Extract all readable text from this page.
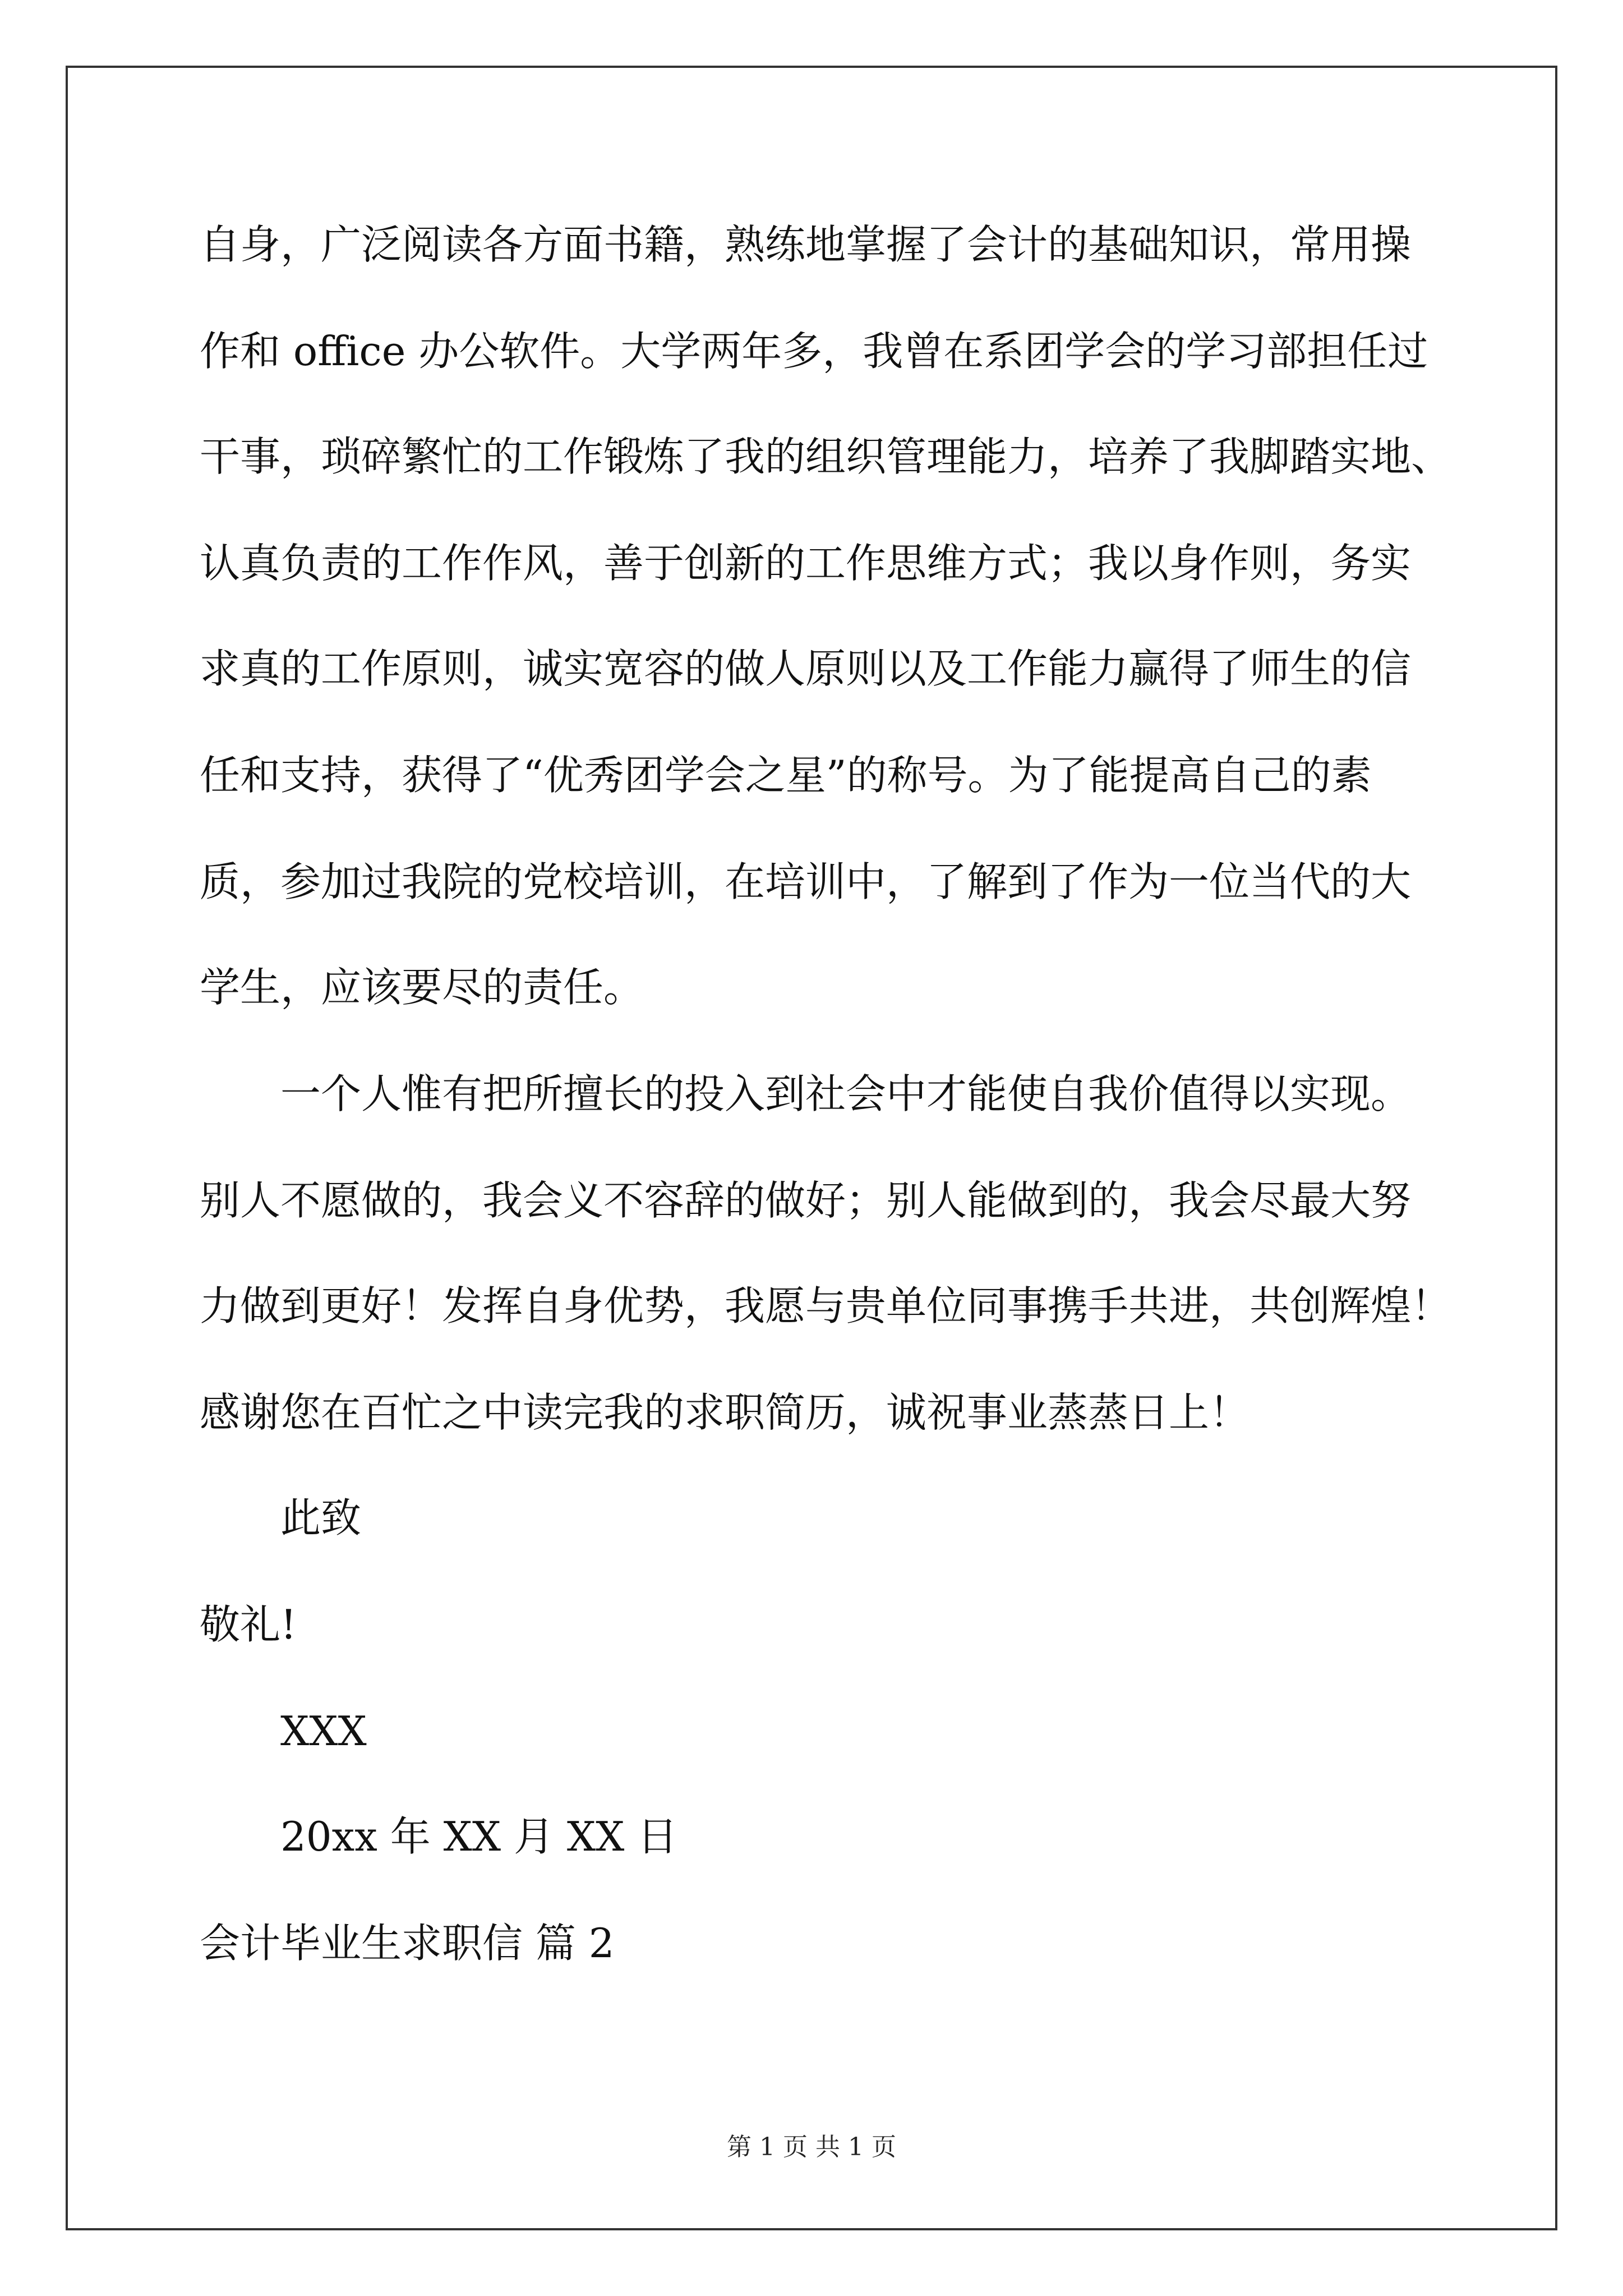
自身，广泛阅读各方面书籍，熟练地掌握了会计的基础知识，常用操
作和 office 办公软件。大学两年多，我曾在系团学会的学习部担任过
干事，琐碎繁忙的工作锻炼了我的组织管理能力，培养了我脚踏实地、
认真负责的工作作风，善于创新的工作思维方式；我以身作则，务实
求真的工作原则，诚实宽容的做人原则以及工作能力赢得了师生的信
任和支持，获得了“优秀团学会之星”的称号。为了能提高自己的素
质，参加过我院的党校培训，在培训中，了解到了作为一位当代的大
学生，应该要尽的责任。
一个人惟有把所擅长的投入到社会中才能使自我价值得以实现。
别人不愿做的，我会义不容辞的做好；别人能做到的，我会尽最大努
力做到更好！发挥自身优势，我愿与贵单位同事携手共进，共创辉煌！
感谢您在百忙之中读完我的求职简历，诚祝事业蒸蒸日上！
此致
敬礼!
XXX
20xx 年 XX 月 XX 日
会计毕业生求职信 篇 2
第 1 页 共 1 页
